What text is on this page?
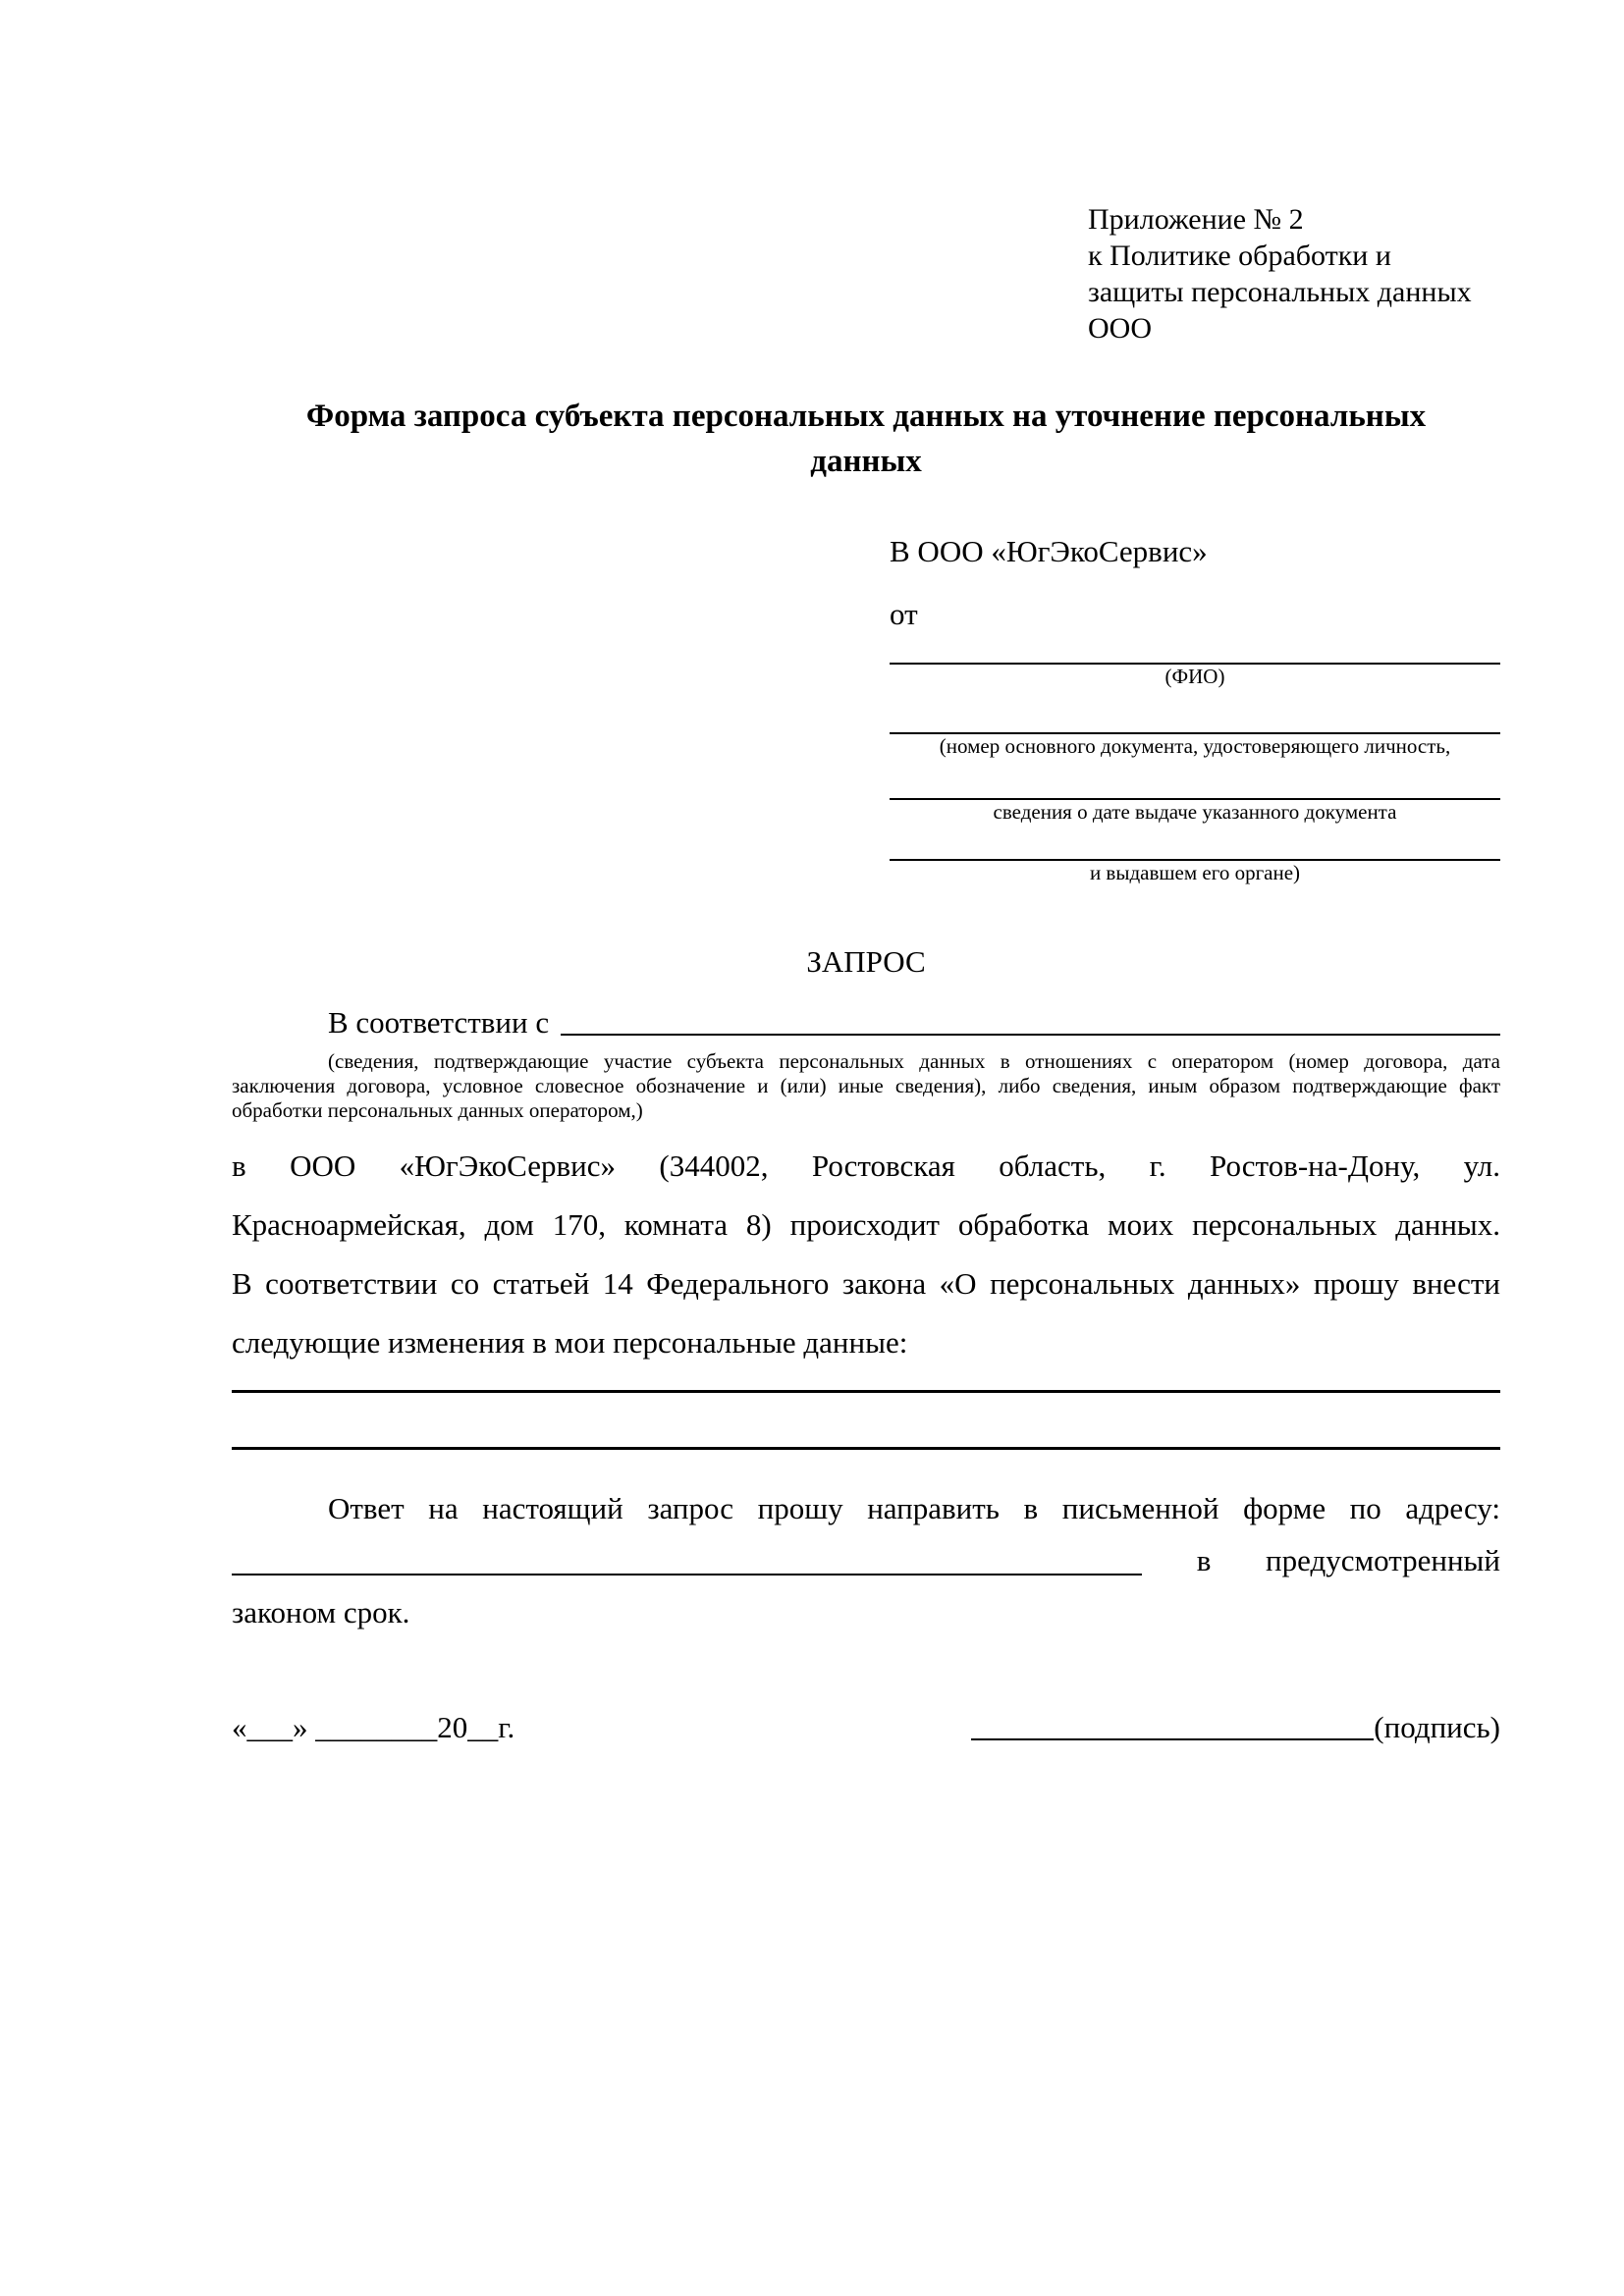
Приложение № 2
к Политике обработки и
защиты персональных данных
ООО
Форма запроса субъекта персональных данных на уточнение персональных данных
В ООО «ЮгЭкоСервис»
от
(ФИО)
(номер основного документа, удостоверяющего личность,
сведения о дате выдаче указанного документа
и выдавшем его органе)
ЗАПРОС
В соответствии с
(сведения, подтверждающие участие субъекта персональных данных в отношениях с оператором (номер договора, дата
заключения договора, условное словесное обозначение и (или) иные сведения), либо сведения, иным образом подтверждающие факт
обработки персональных данных оператором,)
в ООО «ЮгЭкоСервис» (344002, Ростовская область, г. Ростов-на-Дону, ул.
Красноармейская, дом 170, комната 8) происходит обработка моих персональных данных.
В соответствии со статьей 14 Федерального закона «О персональных данных» прошу внести
следующие изменения в мои персональные данные:
Ответ на настоящий запрос прошу направить в письменной форме по адресу:
в предусмотренный
законом срок.
«___» ________20__г.	(подпись)
